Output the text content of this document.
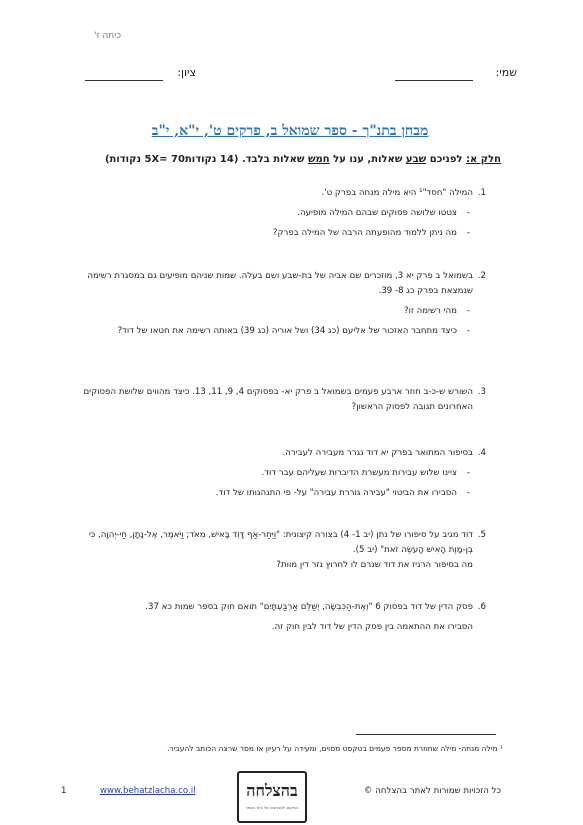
כיתה ז'
שמי:
ציון:
מבחן בתנ"ך - ספר שמואל ב, פרקים ט', י"א, י"ב
חלק א: לפניכם שבע שאלות, ענו על חמש שאלות בלבד. (14 נקודות5X= 70 נקודות)
1.

המילה "חסד"¹ היא מילה מנחה בפרק ט'.

- צטטו שלושה פסוקים שבהם המילה מופיעה.

- מה ניתן ללמוד מהופעתה הרבה של המילה בפרק?

2.

בשמואל ב פרק יא 3, מוזכרים שם אביה של בת-שבע ושם בעלה. שמות שניהם מופיעים גם במסגרת רשימה שנמצאת בפרק כג 8- 39.

- מהי רשימה זו?

- כיצד מתחבר האזכור של אליעם (כג 34) ושל אוריה (כג 39) באותה רשימה את חטאו של דוד?

3.

השורש ש-כ-ב חוזר ארבע פעמים בשמואל ב פרק יא- בפסוקים 4, 9, 11, 13. כיצד מהווים שלושת הפסוקים האחרונים תגובה לפסוק הראשון?

4.

בסיפור המתואר בפרק יא דוד נגרר מעבירה לעבירה.

- ציינו שלוש עבירות מעשרת הדיברות שעליהם עבר דוד.

- הסבירו את הביטוי "עבירה גוררת עבירה" על- פי התנהגותו של דוד.

5.

דוד מגיב על סיפורו של נתן (יב 1- 4) בצורה קיצונית: "וַיִּחַר-אַף דָּוִד בָּאִישׁ, מְאֹד; וַיֹּאמֶר, אֶל-נָתָן, חַי-יְהוָה, כִּי בֶן-מָוֶת הָאִישׁ הָעֹשֶׂה זֹאת" (יב 5).

מה בסיפור הרגיז את דוד שגרם לו לחרוץ גזר דין מוות?

6.

פסק הדין של דוד בפסוק 6 "וְאֶת-הַכִּבְשָׂה, יְשַׁלֵּם אַרְבַּעְתָּיִם" תואם חוק בספר שמות כא 37.

הסבירו את ההתאמה בין פסק הדין של דוד לבין חוק זה.

¹ מילה מנחה- מילה שחוזרת מספר פעמים בטקסט מסוים, ומעידה על רעיון או מסר שרצה הכותב להעביר.
כל הזכויות שמורות לאתר בהצלחה ©
בהצלחה
המקום למבחנים של בית הספר
www.behatzlacha.co.il
1
